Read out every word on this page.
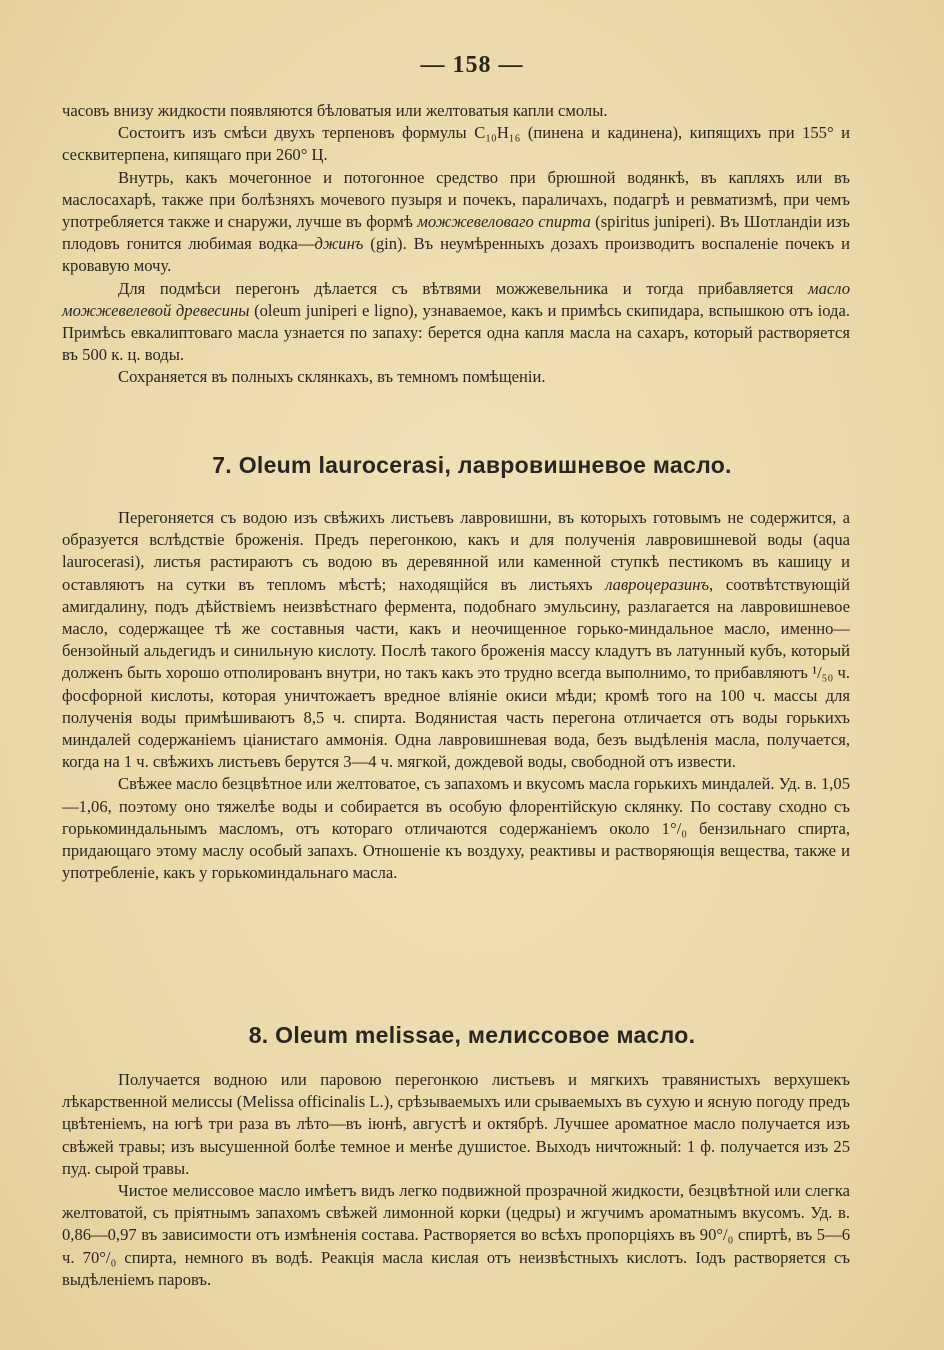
— 158 —

часовъ внизу жидкости появляются бѣловатыя или желтоватыя капли смолы.

Состоитъ изъ смѣси двухъ терпеновъ формулы C₁₀H₁₆ (пинена и кадинена), кипящихъ при 155° и сесквитерпена, кипящаго при 260° Ц.

Внутрь, какъ мочегонное и потогонное средство при брюшной водянкѣ, въ капляхъ или въ маслосахарѣ, также при болѣзняхъ мочевого пузыря и почекъ, параличахъ, подагрѣ и ревматизмѣ, при чемъ употребляется также и снаружи, лучше въ формѣ можжевеловаго спирта (spiritus juniperi). Въ Шотландіи изъ плодовъ гонится любимая водка—джинъ (gin). Въ неумѣренныхъ дозахъ производитъ воспаленіе почекъ и кровавую мочу.

Для подмѣси перегонъ дѣлается съ вѣтвями можжевельника и тогда прибавляется масло можжевелевой древесины (oleum juniperi e ligno), узнаваемое, какъ и примѣсь скипидара, вспышкою отъ іода. Примѣсь евкалиптоваго масла узнается по запаху: берется одна капля масла на сахаръ, который растворяется въ 500 к. ц. воды.

Сохраняется въ полныхъ склянкахъ, въ темномъ помѣщеніи.

7. Oleum laurocerasi, лавровишневое масло.

Перегоняется съ водою изъ свѣжихъ листьевъ лавровишни, въ которыхъ готовымъ не содержится, а образуется вслѣдствіе броженія. Предъ перегонкою, какъ и для полученія лавровишневой воды (aqua laurocerasi), листья растираютъ съ водою въ деревянной или каменной ступкѣ пестикомъ въ кашицу и оставляютъ на сутки въ тепломъ мѣстѣ; находящійся въ листьяхъ лавроцеразинъ, соотвѣтствующій амигдалину, подъ дѣйствіемъ неизвѣстнаго фермента, подобнаго эмульсину, разлагается на лавровишневое масло, содержащее тѣ же составныя части, какъ и неочищенное горько-миндальное масло, именно—бензойный альдегидъ и синильную кислоту. Послѣ такого броженія массу кладутъ въ латунный кубъ, который долженъ быть хорошо отполированъ внутри, но такъ какъ это трудно всегда выполнимо, то прибавляютъ ¹/₅₀ ч. фосфорной кислоты, которая уничтожаетъ вредное вліяніе окиси мѣди; кромѣ того на 100 ч. массы для полученія воды примѣшиваютъ 8,5 ч. спирта. Водянистая часть перегона отличается отъ воды горькихъ миндалей содержаніемъ ціанистаго аммонія. Одна лавровишневая вода, безъ выдѣленія масла, получается, когда на 1 ч. свѣжихъ листьевъ берутся 3—4 ч. мягкой, дождевой воды, свободной отъ извести.

Свѣжее масло безцвѣтное или желтоватое, съ запахомъ и вкусомъ масла горькихъ миндалей. Уд. в. 1,05—1,06, поэтому оно тяжелѣе воды и собирается въ особую флорентійскую склянку. По составу сходно съ горькоминдальнымъ масломъ, отъ котораго отличаются содержаніемъ около 1°/₀ бензильнаго спирта, придающаго этому маслу особый запахъ. Отношеніе къ воздуху, реактивы и растворяющія вещества, также и употребленіе, какъ у горькоминдальнаго масла.

8. Oleum melissae, мелиссовое масло.

Получается водною или паровою перегонкою листьевъ и мягкихъ травянистыхъ верхушекъ лѣкарственной мелиссы (Melissa officinalis L.), срѣзываемыхъ или срываемыхъ въ сухую и ясную погоду предъ цвѣтеніемъ, на югѣ три раза въ лѣто—въ іюнѣ, августѣ и октябрѣ. Лучшее ароматное масло получается изъ свѣжей травы; изъ высушенной болѣе темное и менѣе душистое. Выходъ ничтожный: 1 ф. получается изъ 25 пуд. сырой травы.

Чистое мелиссовое масло имѣетъ видъ легко подвижной прозрачной жидкости, безцвѣтной или слегка желтоватой, съ пріятнымъ запахомъ свѣжей лимонной корки (цедры) и жгучимъ ароматнымъ вкусомъ. Уд. в. 0,86—0,97 въ зависимости отъ измѣненія состава. Растворяется во всѣхъ пропорціяхъ въ 90°/₀ спиртѣ, въ 5—6 ч. 70°/₀ спирта, немного въ водѣ. Реакція масла кислая отъ неизвѣстныхъ кислотъ. Іодъ растворяется съ выдѣленіемъ паровъ.
